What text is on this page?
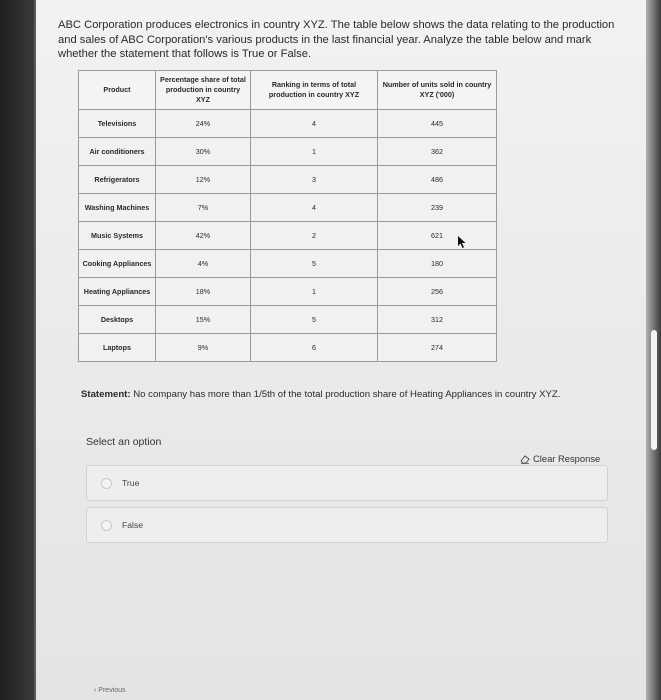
ABC Corporation produces electronics in country XYZ. The table below shows the data relating to the production
and sales of ABC Corporation's various products in the last financial year. Analyze the table below and mark
whether the statement that follows is True or False.
Product	Percentage share of total production in country XYZ	Ranking in terms of total production in country XYZ	Number of units sold in country XYZ ('000)
Televisions	24%	4	445
Air conditioners	30%	1	362
Refrigerators	12%	3	486
Washing Machines	7%	4	239
Music Systems	42%	2	621
Cooking Appliances	4%	5	180
Heating Appliances	18%	1	256
Desktops	15%	5	312
Laptops	9%	6	274
Statement: No company has more than 1/5th of the total production share of Heating Appliances in country XYZ.
Select an option
Clear Response
True
False
‹ Previous
